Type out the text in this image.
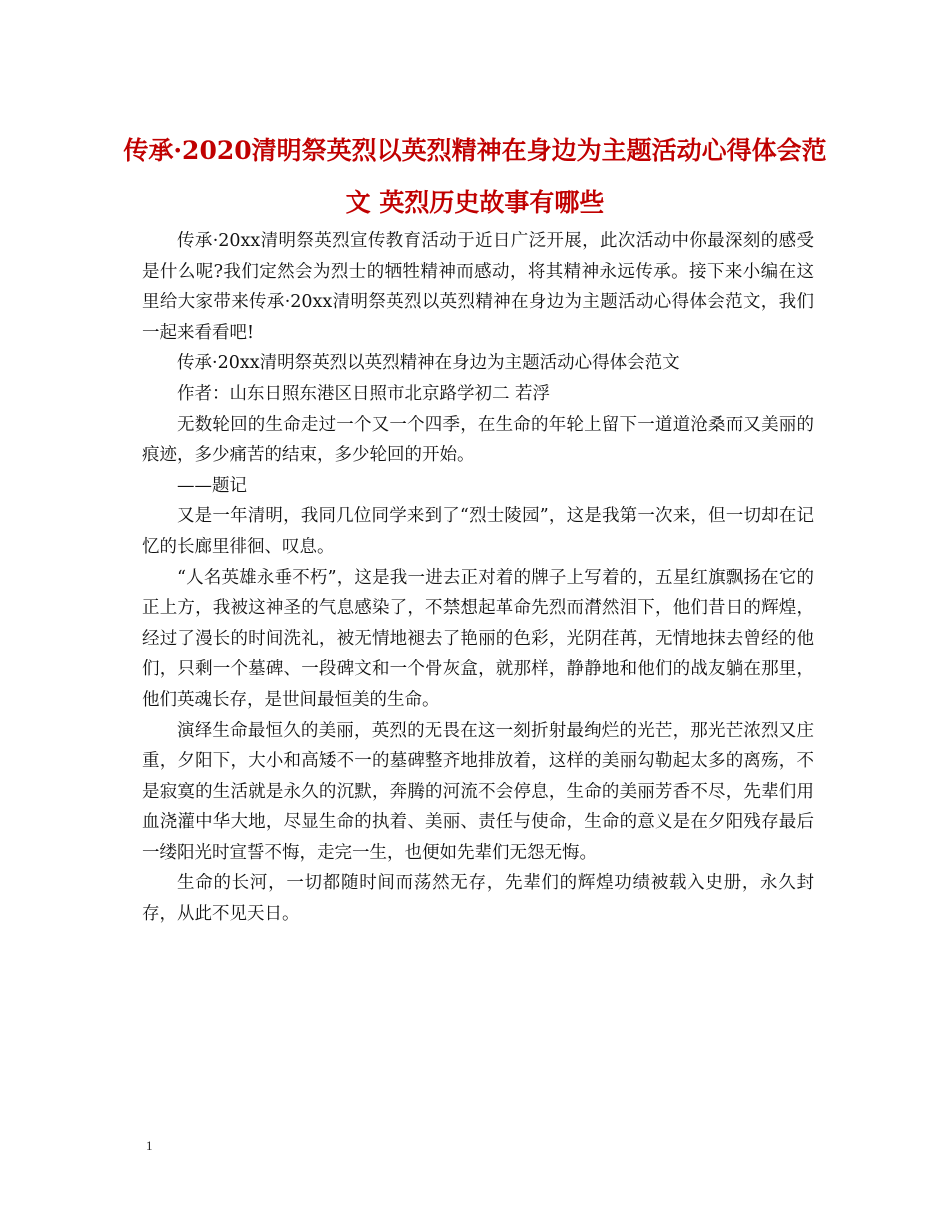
传承·2020清明祭英烈以英烈精神在身边为主题活动心得体会范文 英烈历史故事有哪些

传承·20xx清明祭英烈宣传教育活动于近日广泛开展，此次活动中你最深刻的感受是什么呢?我们定然会为烈士的牺牲精神而感动，将其精神永远传承。接下来小编在这里给大家带来传承·20xx清明祭英烈以英烈精神在身边为主题活动心得体会范文，我们一起来看看吧!

传承·20xx清明祭英烈以英烈精神在身边为主题活动心得体会范文

作者：山东日照东港区日照市北京路学初二 若浮

无数轮回的生命走过一个又一个四季，在生命的年轮上留下一道道沧桑而又美丽的痕迹，多少痛苦的结束，多少轮回的开始。

——题记

又是一年清明，我同几位同学来到了“烈士陵园”，这是我第一次来，但一切却在记忆的长廊里徘徊、叹息。

“人名英雄永垂不朽”，这是我一进去正对着的牌子上写着的，五星红旗飘扬在它的正上方，我被这神圣的气息感染了，不禁想起革命先烈而潸然泪下，他们昔日的辉煌，经过了漫长的时间洗礼，被无情地褪去了艳丽的色彩，光阴荏苒，无情地抹去曾经的他们，只剩一个墓碑、一段碑文和一个骨灰盒，就那样，静静地和他们的战友躺在那里，他们英魂长存，是世间最恒美的生命。

演绎生命最恒久的美丽，英烈的无畏在这一刻折射最绚烂的光芒，那光芒浓烈又庄重，夕阳下，大小和高矮不一的墓碑整齐地排放着，这样的美丽勾勒起太多的离殇，不是寂寞的生活就是永久的沉默，奔腾的河流不会停息，生命的美丽芳香不尽，先辈们用血浇灌中华大地，尽显生命的执着、美丽、责任与使命，生命的意义是在夕阳残存最后一缕阳光时宣誓不悔，走完一生，也便如先辈们无怨无悔。

生命的长河，一切都随时间而荡然无存，先辈们的辉煌功绩被载入史册，永久封存，从此不见天日。

1
